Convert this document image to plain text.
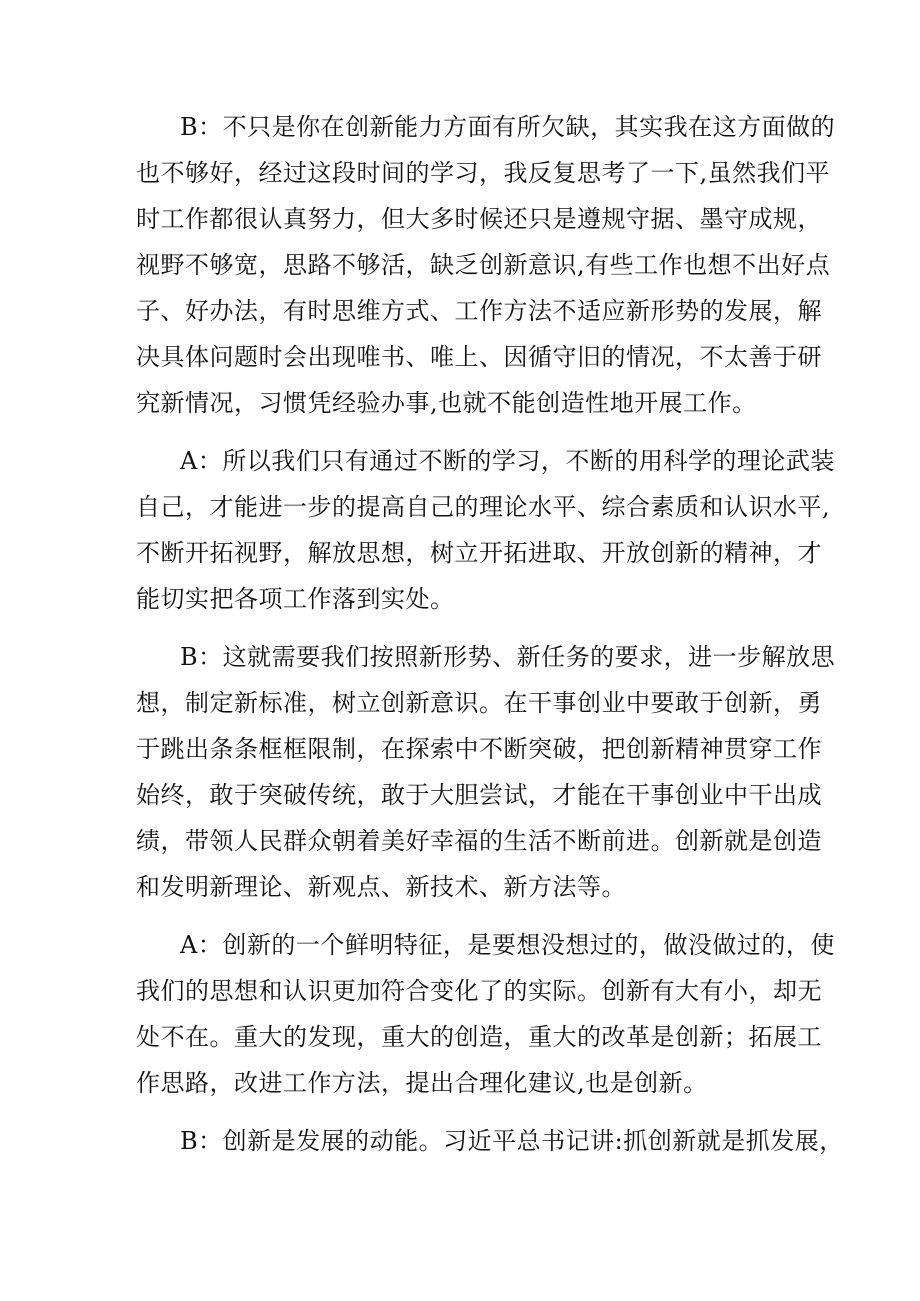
B：不只是你在创新能力方面有所欠缺，其实我在这方面做的
也不够好，经过这段时间的学习，我反复思考了一下,虽然我们平
时工作都很认真努力，但大多时候还只是遵规守据、墨守成规，
视野不够宽，思路不够活，缺乏创新意识,有些工作也想不出好点
子、好办法，有时思维方式、工作方法不适应新形势的发展，解
决具体问题时会出现唯书、唯上、因循守旧的情况，不太善于研
究新情况，习惯凭经验办事,也就不能创造性地开展工作。
A：所以我们只有通过不断的学习，不断的用科学的理论武装
自己，才能进一步的提高自己的理论水平、综合素质和认识水平,
不断开拓视野，解放思想，树立开拓进取、开放创新的精神，才
能切实把各项工作落到实处。
B：这就需要我们按照新形势、新任务的要求，进一步解放思
想，制定新标准，树立创新意识。在干事创业中要敢于创新，勇
于跳出条条框框限制，在探索中不断突破，把创新精神贯穿工作
始终，敢于突破传统，敢于大胆尝试，才能在干事创业中干出成
绩，带领人民群众朝着美好幸福的生活不断前进。创新就是创造
和发明新理论、新观点、新技术、新方法等。
A：创新的一个鲜明特征，是要想没想过的，做没做过的，使
我们的思想和认识更加符合变化了的实际。创新有大有小，却无
处不在。重大的发现，重大的创造，重大的改革是创新；拓展工
作思路，改进工作方法，提出合理化建议,也是创新。
B：创新是发展的动能。习近平总书记讲:抓创新就是抓发展，
